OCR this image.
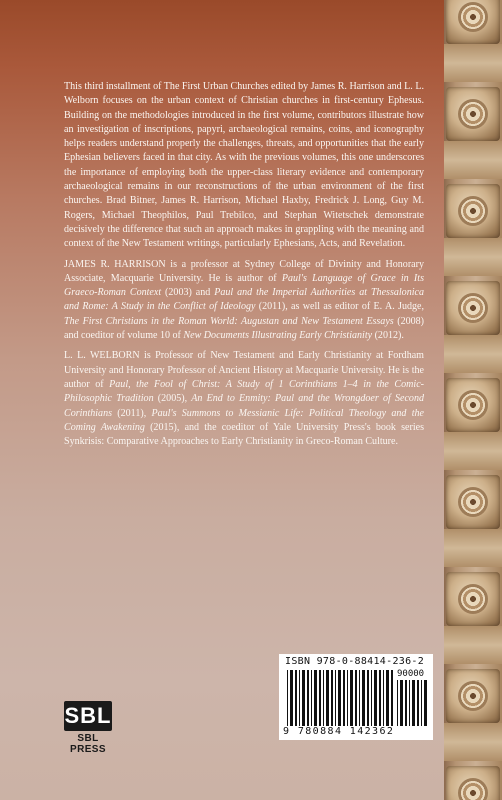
This third installment of The First Urban Churches edited by James R. Harrison and L. L. Welborn focuses on the urban context of Christian churches in first-century Ephesus. Building on the methodologies introduced in the first volume, contributors illustrate how an investigation of inscriptions, papyri, archaeological remains, coins, and iconography helps readers understand properly the challenges, threats, and opportunities that the early Ephesian believers faced in that city. As with the previous volumes, this one underscores the importance of employing both the upper-class literary evidence and contemporary archaeological remains in our reconstructions of the urban environment of the first churches. Brad Bitner, James R. Harrison, Michael Haxby, Fredrick J. Long, Guy M. Rogers, Michael Theophilos, Paul Trebilco, and Stephan Witetschek demonstrate decisively the difference that such an approach makes in grappling with the meaning and context of the New Testament writings, particularly Ephesians, Acts, and Revelation.

JAMES R. HARRISON is a professor at Sydney College of Divinity and Honorary Associate, Macquarie University. He is author of Paul's Language of Grace in Its Graeco-Roman Context (2003) and Paul and the Imperial Authorities at Thessalonica and Rome: A Study in the Conflict of Ideology (2011), as well as editor of E. A. Judge, The First Christians in the Roman World: Augustan and New Testament Essays (2008) and coeditor of volume 10 of New Documents Illustrating Early Christianity (2012).

L. L. WELBORN is Professor of New Testament and Early Christianity at Fordham University and Honorary Professor of Ancient History at Macquarie University. He is the author of Paul, the Fool of Christ: A Study of 1 Corinthians 1–4 in the Comic-Philosophic Tradition (2005), An End to Enmity: Paul and the Wrongdoer of Second Corinthians (2011), Paul's Summons to Messianic Life: Political Theology and the Coming Awakening (2015), and the coeditor of Yale University Press's book series Synkrisis: Comparative Approaches to Early Christianity in Greco-Roman Culture.

ISBN 978-0-88414-236-2
90000
9 780884 142362
SBL
SBL PRESS
